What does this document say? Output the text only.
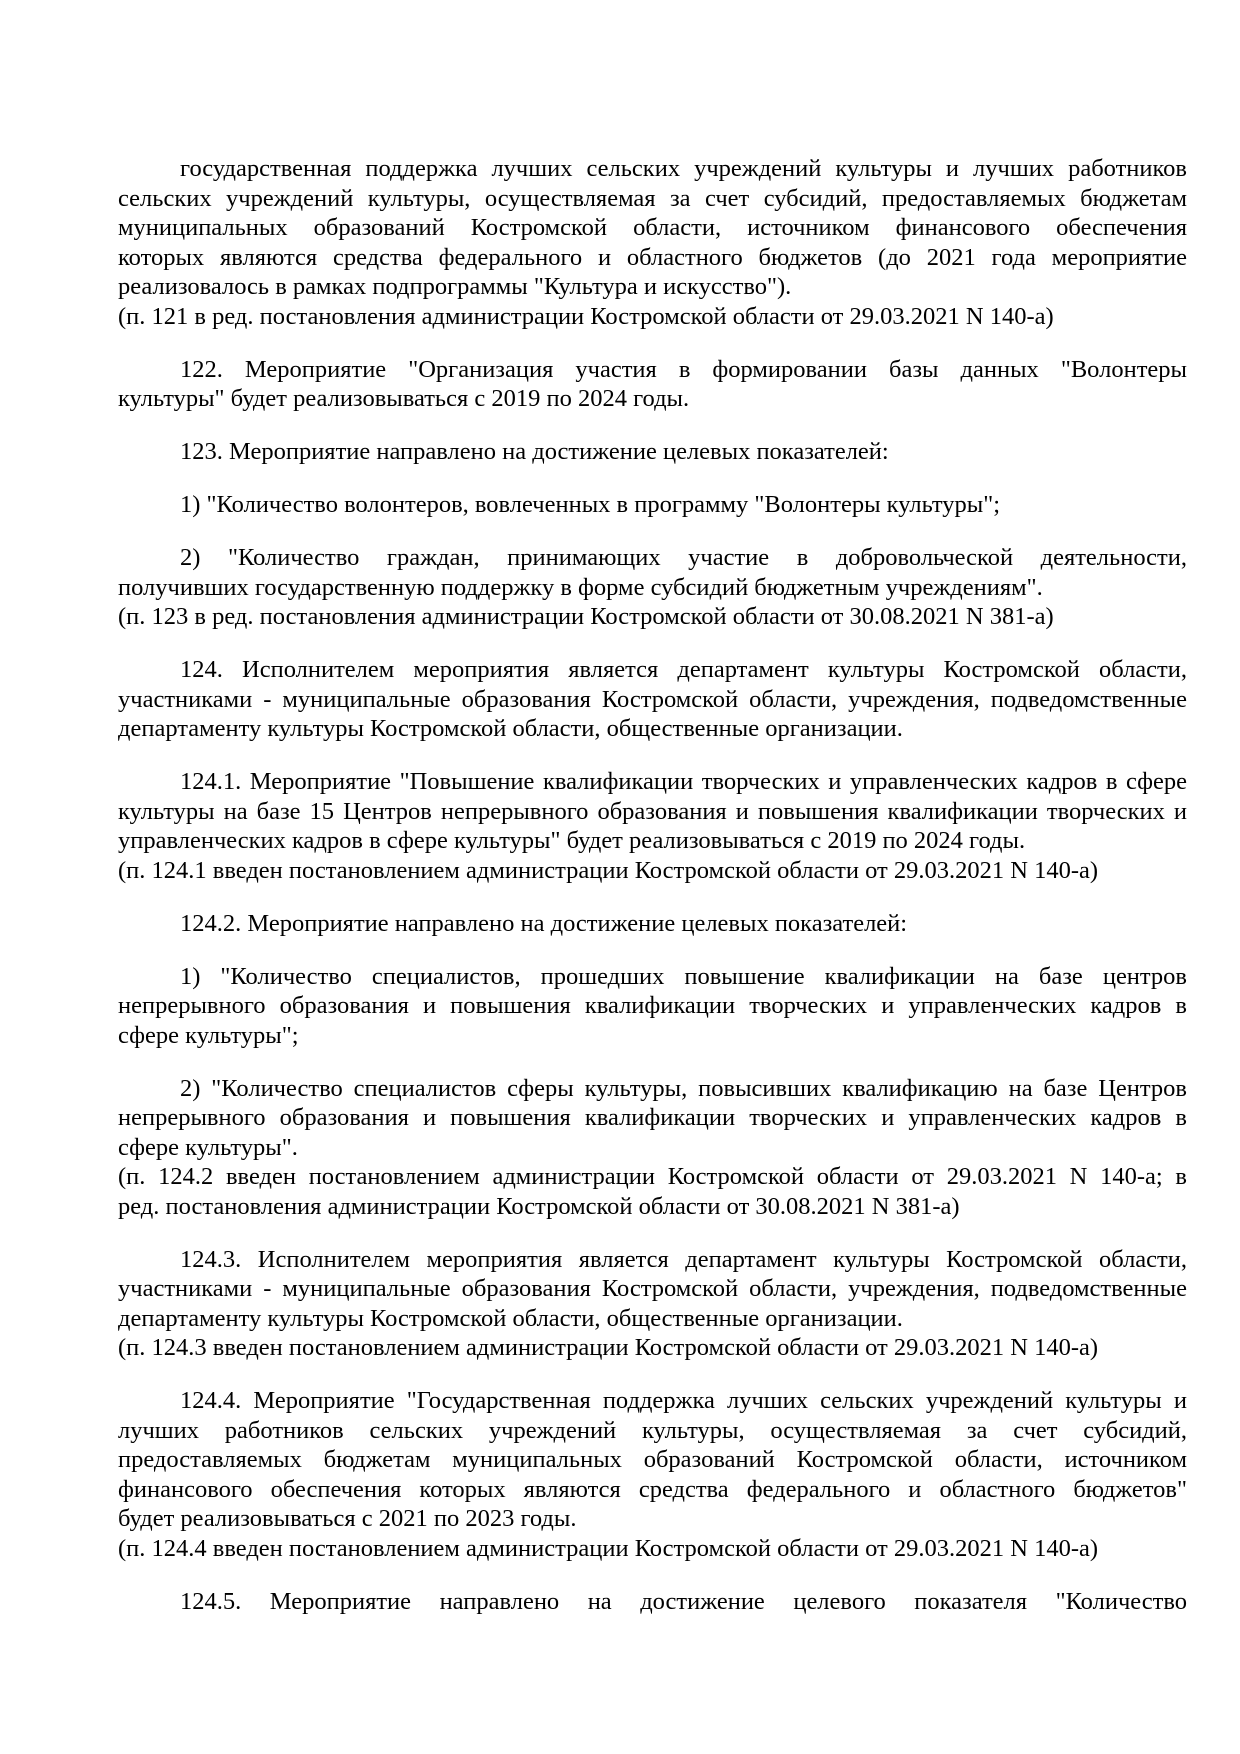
государственная поддержка лучших сельских учреждений культуры и лучших работников
сельских учреждений культуры, осуществляемая за счет субсидий, предоставляемых бюджетам
муниципальных образований Костромской области, источником финансового обеспечения
которых являются средства федерального и областного бюджетов (до 2021 года мероприятие
реализовалось в рамках подпрограммы "Культура и искусство").
(п. 121 в ред. постановления администрации Костромской области от 29.03.2021 N 140-а)
122. Мероприятие "Организация участия в формировании базы данных "Волонтеры
культуры" будет реализовываться с 2019 по 2024 годы.
123. Мероприятие направлено на достижение целевых показателей:
1) "Количество волонтеров, вовлеченных в программу "Волонтеры культуры";
2) "Количество граждан, принимающих участие в добровольческой деятельности,
получивших государственную поддержку в форме субсидий бюджетным учреждениям".
(п. 123 в ред. постановления администрации Костромской области от 30.08.2021 N 381-а)
124. Исполнителем мероприятия является департамент культуры Костромской области,
участниками - муниципальные образования Костромской области, учреждения, подведомственные
департаменту культуры Костромской области, общественные организации.
124.1. Мероприятие "Повышение квалификации творческих и управленческих кадров в сфере
культуры на базе 15 Центров непрерывного образования и повышения квалификации творческих и
управленческих кадров в сфере культуры" будет реализовываться с 2019 по 2024 годы.
(п. 124.1 введен постановлением администрации Костромской области от 29.03.2021 N 140-а)
124.2. Мероприятие направлено на достижение целевых показателей:
1) "Количество специалистов, прошедших повышение квалификации на базе центров
непрерывного образования и повышения квалификации творческих и управленческих кадров в
сфере культуры";
2) "Количество специалистов сферы культуры, повысивших квалификацию на базе Центров
непрерывного образования и повышения квалификации творческих и управленческих кадров в
сфере культуры".
(п. 124.2 введен постановлением администрации Костромской области от 29.03.2021 N 140-а; в
ред. постановления администрации Костромской области от 30.08.2021 N 381-а)
124.3. Исполнителем мероприятия является департамент культуры Костромской области,
участниками - муниципальные образования Костромской области, учреждения, подведомственные
департаменту культуры Костромской области, общественные организации.
(п. 124.3 введен постановлением администрации Костромской области от 29.03.2021 N 140-а)
124.4. Мероприятие "Государственная поддержка лучших сельских учреждений культуры и
лучших работников сельских учреждений культуры, осуществляемая за счет субсидий,
предоставляемых бюджетам муниципальных образований Костромской области, источником
финансового обеспечения которых являются средства федерального и областного бюджетов"
будет реализовываться с 2021 по 2023 годы.
(п. 124.4 введен постановлением администрации Костромской области от 29.03.2021 N 140-а)
124.5. Мероприятие направлено на достижение целевого показателя "Количество
